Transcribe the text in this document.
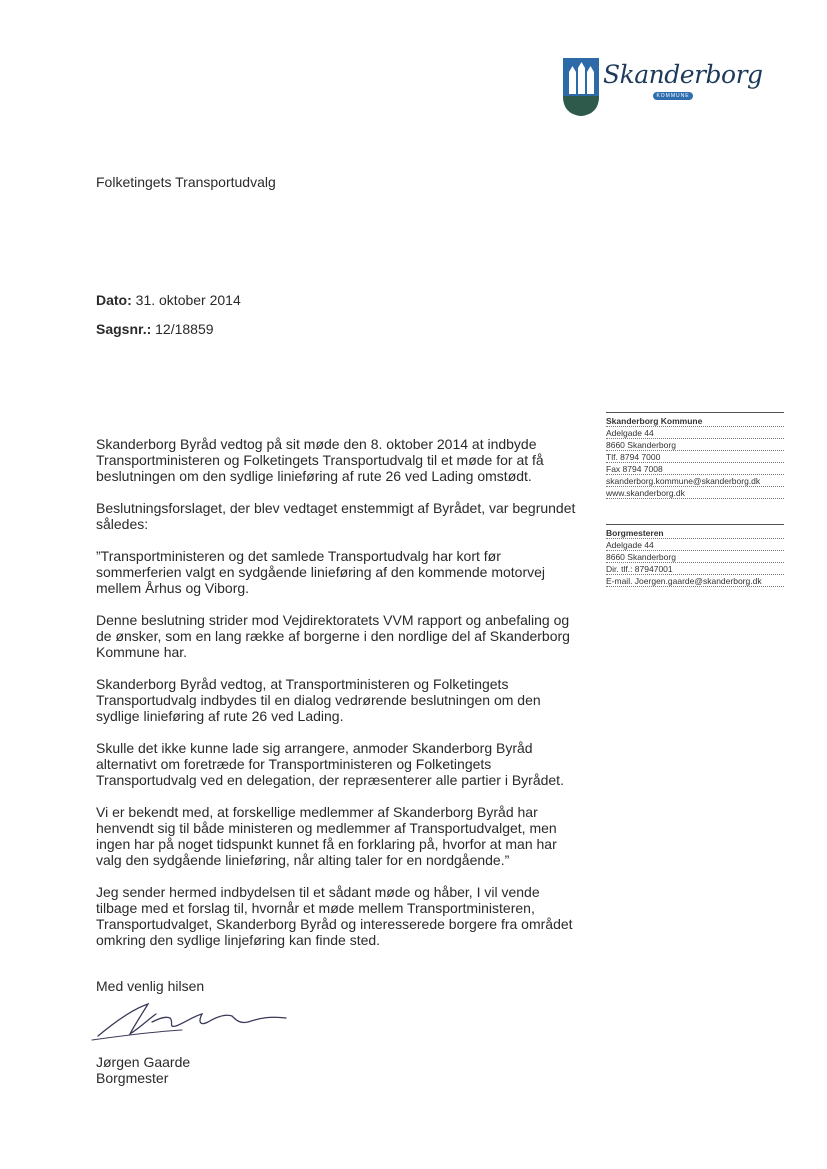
Skanderborg
KOMMUNE
Folketingets Transportudvalg
Dato: 31. oktober 2014
Sagsnr.: 12/18859
Skanderborg Kommune
Adelgade 44
8660 Skanderborg
Tlf. 8794 7000
Fax 8794 7008
skanderborg.kommune@skanderborg.dk
www.skanderborg.dk
Borgmesteren
Adelgade 44
8660 Skanderborg
Dir. tlf.: 87947001
E-mail. Joergen.gaarde@skanderborg.dk

Skanderborg Byråd vedtog på sit møde den 8. oktober 2014 at indbyde Transportministeren og Folketingets Transportudvalg til et møde for at få beslutningen om den sydlige linieføring af rute 26 ved Lading omstødt.

Beslutningsforslaget, der blev vedtaget enstemmigt af Byrådet, var begrundet således:

”Transportministeren og det samlede Transportudvalg har kort før sommerferien valgt en sydgående linieføring af den kommende motorvej mellem Århus og Viborg.

Denne beslutning strider mod Vejdirektoratets VVM rapport og anbefaling og de ønsker, som en lang række af borgerne i den nordlige del af Skanderborg Kommune har.

Skanderborg Byråd vedtog, at Transportministeren og Folketingets Transportudvalg indbydes til en dialog vedrørende beslutningen om den sydlige linieføring af rute 26 ved Lading.

Skulle det ikke kunne lade sig arrangere, anmoder Skanderborg Byråd alternativt om foretræde for Transportministeren og Folketingets Transportudvalg ved en delegation, der repræsenterer alle partier i Byrådet.

Vi er bekendt med, at forskellige medlemmer af Skanderborg Byråd har henvendt sig til både ministeren og medlemmer af Transportudvalget, men ingen har på noget tidspunkt kunnet få en forklaring på, hvorfor at man har valg den sydgående linieføring, når alting taler for en nordgående.”

Jeg sender hermed indbydelsen til et sådant møde og håber, I vil vende tilbage med et forslag til, hvornår et møde mellem Transportministeren, Transportudvalget, Skanderborg Byråd og interesserede borgere fra området omkring den sydlige linjeføring kan finde sted.

Med venlig hilsen
Jørgen Gaarde
Borgmester
